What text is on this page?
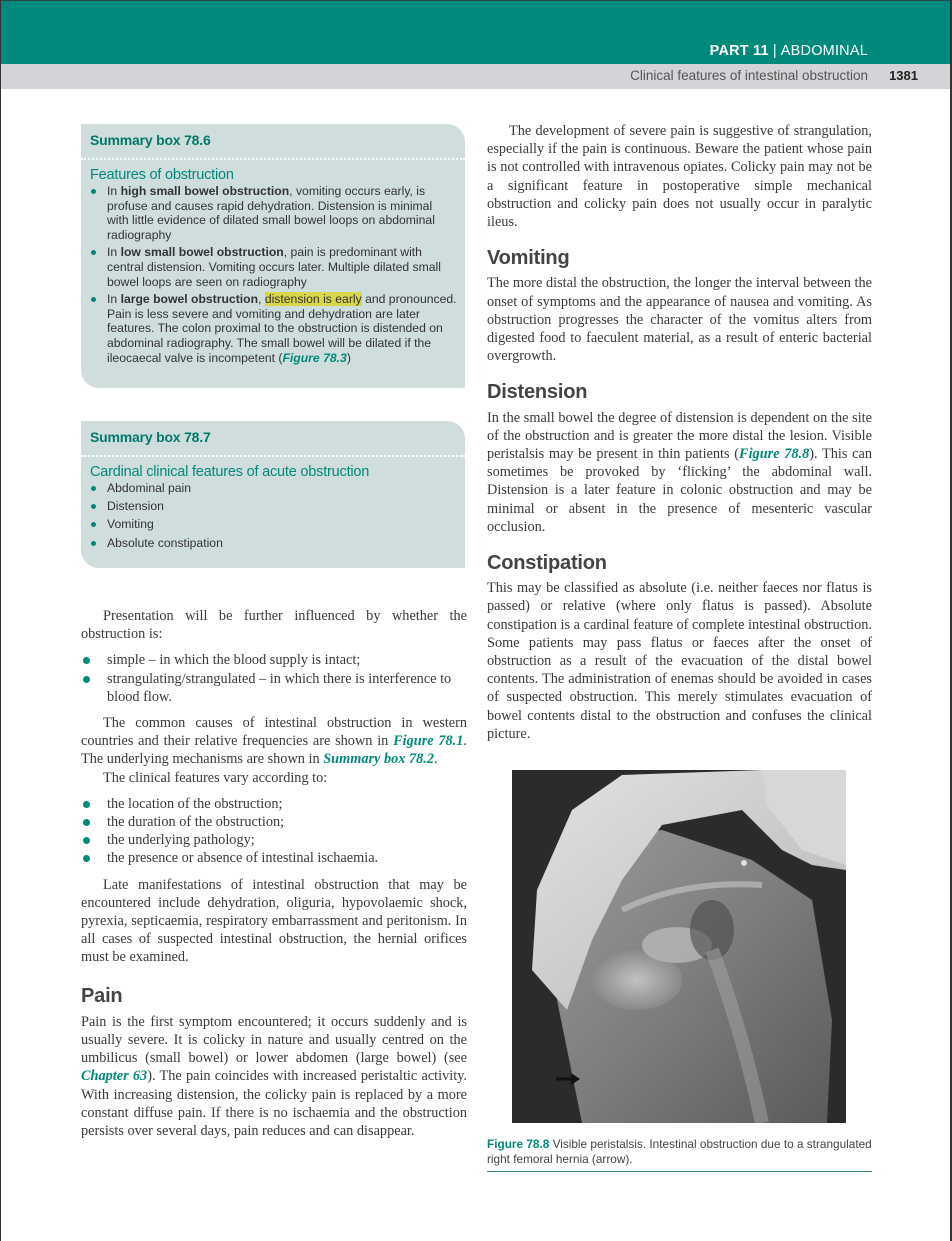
PART 11 | ABDOMINAL
Clinical features of intestinal obstruction 1381
Summary box 78.6
Features of obstruction
In high small bowel obstruction, vomiting occurs early, is profuse and causes rapid dehydration. Distension is minimal with little evidence of dilated small bowel loops on abdominal radiography
In low small bowel obstruction, pain is predominant with central distension. Vomiting occurs later. Multiple dilated small bowel loops are seen on radiography
In large bowel obstruction, distension is early and pronounced. Pain is less severe and vomiting and dehydration are later features. The colon proximal to the obstruction is distended on abdominal radiography. The small bowel will be dilated if the ileocaecal valve is incompetent (Figure 78.3)
Summary box 78.7
Cardinal clinical features of acute obstruction
Abdominal pain
Distension
Vomiting
Absolute constipation

Presentation will be further influenced by whether the obstruction is:

simple – in which the blood supply is intact;
strangulating/strangulated – in which there is interference to blood flow.

The common causes of intestinal obstruction in western countries and their relative frequencies are shown in Figure 78.1. The underlying mechanisms are shown in Summary box 78.2.

The clinical features vary according to:

the location of the obstruction;
the duration of the obstruction;
the underlying pathology;
the presence or absence of intestinal ischaemia.

Late manifestations of intestinal obstruction that may be encountered include dehydration, oliguria, hypovolaemic shock, pyrexia, septicaemia, respiratory embarrassment and peritonism. In all cases of suspected intestinal obstruction, the hernial orifices must be examined.

Pain

Pain is the first symptom encountered; it occurs suddenly and is usually severe. It is colicky in nature and usually centred on the umbilicus (small bowel) or lower abdomen (large bowel) (see Chapter 63). The pain coincides with increased peristaltic activity. With increasing distension, the colicky pain is replaced by a more constant diffuse pain. If there is no ischaemia and the obstruction persists over several days, pain reduces and can disappear.

The development of severe pain is suggestive of strangulation, especially if the pain is continuous. Beware the patient whose pain is not controlled with intravenous opiates. Colicky pain may not be a significant feature in postoperative simple mechanical obstruction and colicky pain does not usually occur in paralytic ileus.

Vomiting

The more distal the obstruction, the longer the interval between the onset of symptoms and the appearance of nausea and vomiting. As obstruction progresses the character of the vomitus alters from digested food to faeculent material, as a result of enteric bacterial overgrowth.

Distension

In the small bowel the degree of distension is dependent on the site of the obstruction and is greater the more distal the lesion. Visible peristalsis may be present in thin patients (Figure 78.8). This can sometimes be provoked by ‘flicking’ the abdominal wall. Distension is a later feature in colonic obstruction and may be minimal or absent in the presence of mesenteric vascular occlusion.

Constipation

This may be classified as absolute (i.e. neither faeces nor flatus is passed) or relative (where only flatus is passed). Absolute constipation is a cardinal feature of complete intestinal obstruction. Some patients may pass flatus or faeces after the onset of obstruction as a result of the evacuation of the distal bowel contents. The administration of enemas should be avoided in cases of suspected obstruction. This merely stimulates evacuation of bowel contents distal to the obstruction and confuses the clinical picture.

Figure 78.8 Visible peristalsis. Intestinal obstruction due to a strangulated right femoral hernia (arrow).
